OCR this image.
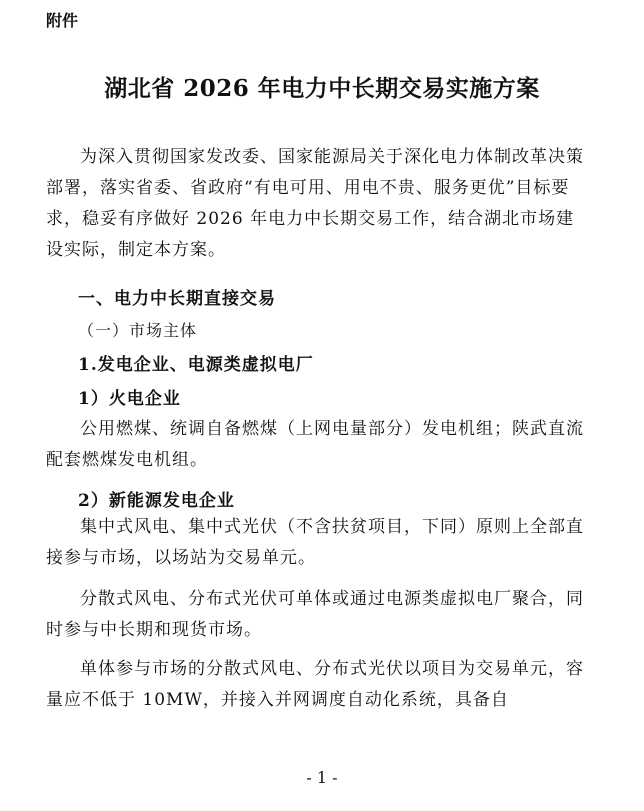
附件
湖北省 2026 年电力中长期交易实施方案
为深入贯彻国家发改委、国家能源局关于深化电力体制改革决策部署，落实省委、省政府“有电可用、用电不贵、服务更优”目标要求，稳妥有序做好 2026 年电力中长期交易工作，结合湖北市场建设实际，制定本方案。
一、电力中长期直接交易
（一）市场主体
1.发电企业、电源类虚拟电厂
1）火电企业
公用燃煤、统调自备燃煤（上网电量部分）发电机组；陕武直流配套燃煤发电机组。
2）新能源发电企业
集中式风电、集中式光伏（不含扶贫项目，下同）原则上全部直接参与市场，以场站为交易单元。
分散式风电、分布式光伏可单体或通过电源类虚拟电厂聚合，同时参与中长期和现货市场。
单体参与市场的分散式风电、分布式光伏以项目为交易单元，容量应不低于 10MW，并接入并网调度自动化系统，具备自
- 1 -
